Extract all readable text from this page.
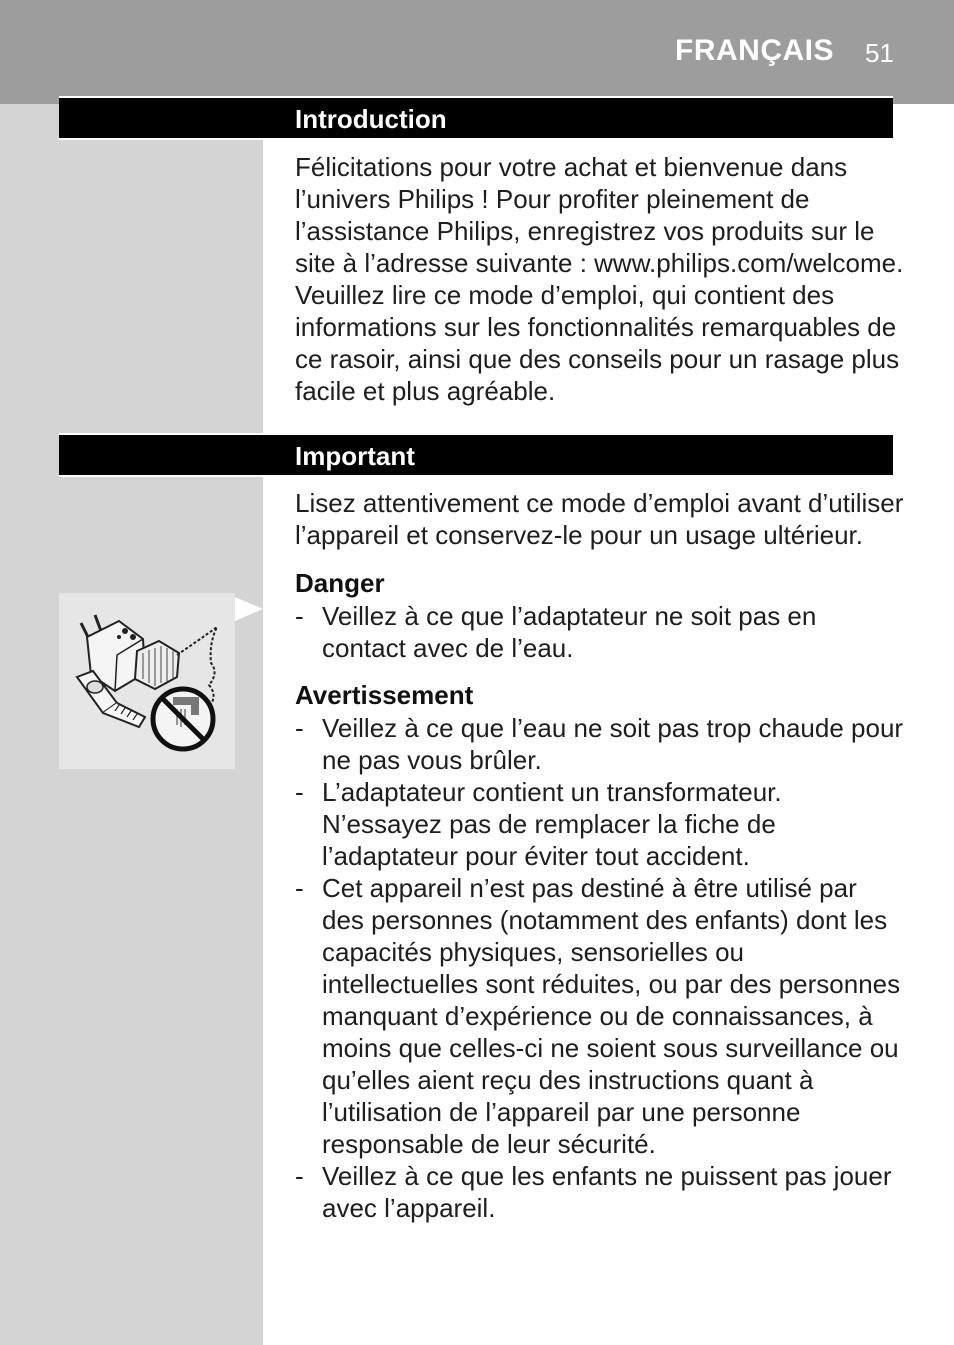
FRANÇAIS 51
Introduction

Félicitations pour votre achat et bienvenue dans l’univers Philips ! Pour profiter pleinement de l’assistance Philips, enregistrez vos produits sur le site à l’adresse suivante : www.philips.com/welcome. Veuillez lire ce mode d’emploi, qui contient des informations sur les fonctionnalités remarquables de ce rasoir, ainsi que des conseils pour un rasage plus facile et plus agréable.

Important

Lisez attentivement ce mode d’emploi avant d’utiliser l’appareil et conservez-le pour un usage ultérieur.

Danger
- Veillez à ce que l’adaptateur ne soit pas en contact avec de l’eau.
Avertissement
- Veillez à ce que l’eau ne soit pas trop chaude pour ne pas vous brûler.
- L’adaptateur contient un transformateur. N’essayez pas de remplacer la fiche de l’adaptateur pour éviter tout accident.
- Cet appareil n’est pas destiné à être utilisé par des personnes (notamment des enfants) dont les capacités physiques, sensorielles ou intellectuelles sont réduites, ou par des personnes manquant d’expérience ou de connaissances, à moins que celles-ci ne soient sous surveillance ou qu’elles aient reçu des instructions quant à l’utilisation de l’appareil par une personne responsable de leur sécurité.
- Veillez à ce que les enfants ne puissent pas jouer avec l’appareil.
